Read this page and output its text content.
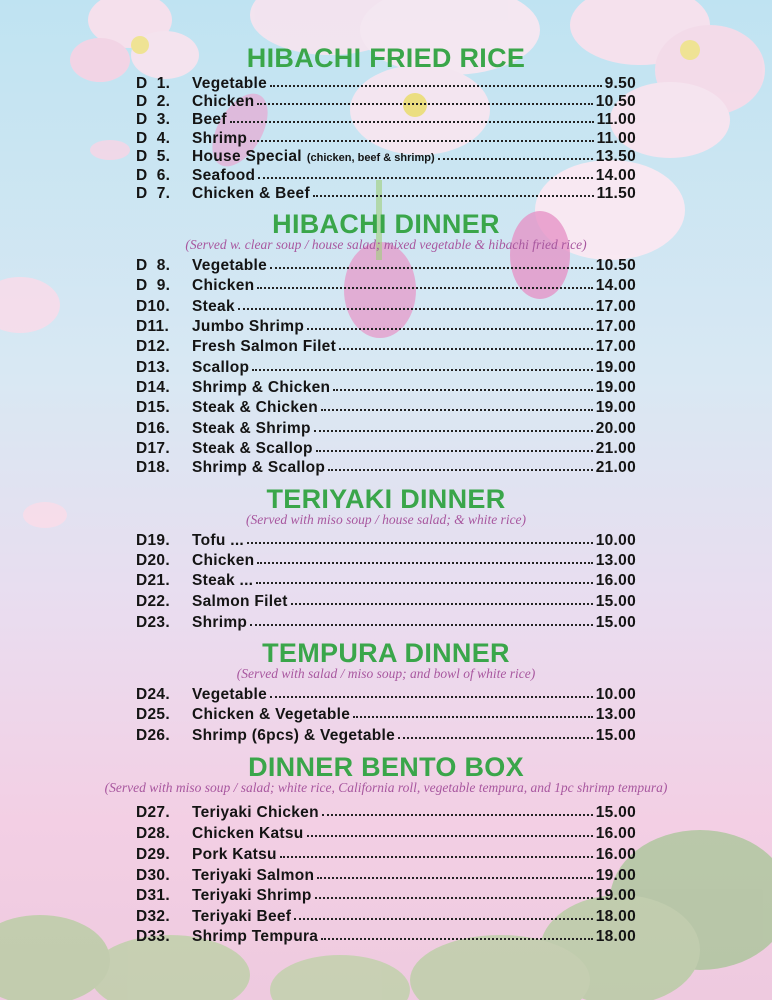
HIBACHI FRIED RICE
D  1.	Vegetable	9.50
D  2.	Chicken	10.50
D  3.	Beef	11.00
D  4.	Shrimp	11.00
D  5.	House Special (chicken, beef & shrimp)	13.50
D  6.	Seafood	14.00
D  7.	Chicken & Beef	11.50
HIBACHI DINNER
(Served w. clear soup / house salad; mixed vegetable & hibachi fried rice)
D  8.	Vegetable	10.50
D  9.	Chicken	14.00
D10.	Steak	17.00
D11.	Jumbo Shrimp	17.00
D12.	Fresh Salmon Filet	17.00
D13.	Scallop	19.00
D14.	Shrimp & Chicken	19.00
D15.	Steak & Chicken	19.00
D16.	Steak & Shrimp	20.00
D17.	Steak & Scallop	21.00
D18.	Shrimp & Scallop	21.00
TERIYAKI DINNER
(Served with miso soup / house salad; & white rice)
D19.	Tofu ...	10.00
D20.	Chicken	13.00
D21.	Steak ...	16.00
D22.	Salmon Filet	15.00
D23.	Shrimp	15.00
TEMPURA DINNER
(Served with salad / miso soup; and bowl of white rice)
D24.	Vegetable	10.00
D25.	Chicken & Vegetable	13.00
D26.	Shrimp (6pcs) & Vegetable	15.00
DINNER BENTO BOX
(Served with miso soup / salad; white rice, California roll, vegetable tempura, and 1pc shrimp tempura)
D27.	Teriyaki Chicken	15.00
D28.	Chicken Katsu	16.00
D29.	Pork Katsu	16.00
D30.	Teriyaki Salmon	19.00
D31.	Teriyaki Shrimp	19.00
D32.	Teriyaki Beef	18.00
D33.	Shrimp Tempura	18.00
